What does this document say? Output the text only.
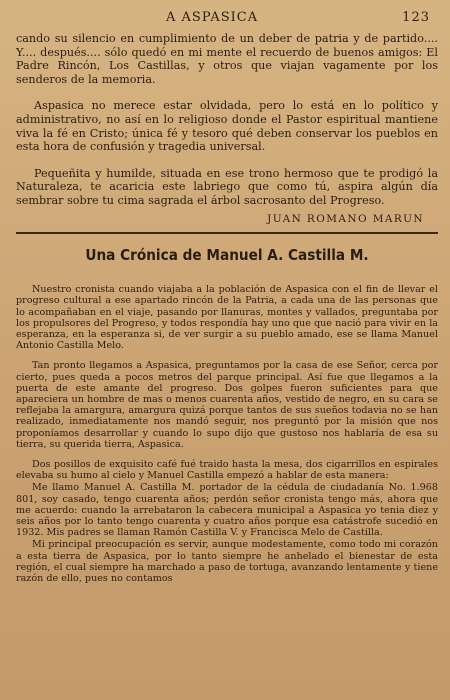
A ASPASICA	123

cando su silencio en cumplimiento de un deber de patria y de partido.... Y.... después.... sólo quedó en mi mente el recuerdo de buenos amigos: El Padre Rincón, Los Castillas, y otros que viajan vagamente por los senderos de la memoria.

Aspasica no merece estar olvidada, pero lo está en lo político y administrativo, no así en lo religioso donde el Pastor espiritual mantiene viva la fé en Cristo; única fé y tesoro qué deben conservar los pueblos en esta hora de confusión y tragedia universal.

Pequeñita y humilde, situada en ese trono hermoso que te prodigó la Naturaleza, te acaricia este labriego que como tú, aspira algún día sembrar sobre tu cima sagrada el árbol sacrosanto del Progreso.

JUAN ROMANO MARUN
Una Crónica de Manuel A. Castilla M.

Nuestro cronista cuando viajaba a la población de Aspasica con el fin de llevar el progreso cultural a ese apartado rincón de la Patria, a cada una de las personas que lo acompañaban en el viaje, pasando por llanuras, montes y vallados, preguntaba por los propulsores del Progreso, y todos respondía hay uno que que nació para vivir en la esperanza, en la esperanza si, de ver surgir a su pueblo amado, ese se llama Manuel Antonio Castilla Melo.

Tan pronto llegamos a Aspasica, preguntamos por la casa de ese Señor, cerca por cierto, pues queda a pocos metros del parque principal. Así fue que llegamos a la puerta de este amante del progreso. Dos golpes fueron suficientes para que apareciera un hombre de mas o menos cuarenta años, vestido de negro, en su cara se reflejaba la amargura, amargura quizá porque tantos de sus sueños todavia no se han realizado, inmediatamente nos mandó seguir, nos preguntó por la misión que nos proponíamos desarrollar y cuando lo supo dijo que gustoso nos hablaría de esa su tierra, su querida tierra, Aspasica.

Dos posillos de exquisito café fué traido hasta la mesa, dos cigarrillos en espirales elevaba su humo al cielo y Manuel Castilla empezó a hablar de esta manera:

Me llamo Manuel A. Castilla M. portador de la cédula de ciudadanía No. 1.968 801, soy casado, tengo cuarenta años; perdón señor cronista tengo más, ahora que me acuerdo: cuando la arrebataron la cabecera municipal a Aspasica yo tenia diez y seis años por lo tanto tengo cuarenta y cuatro años porque esa catástrofe sucedió en 1932. Mis padres se llaman Ramón Castilla V. y Francisca Melo de Castilla.

Mi principal preocupación es servir, aunque modestamente, como todo mi corazón a esta tierra de Aspasica, por lo tanto siempre he anhelado el bienestar de esta región, el cual siempre ha marchado a paso de tortuga, avanzando lentamente y tiene razón de ello, pues no contamos
